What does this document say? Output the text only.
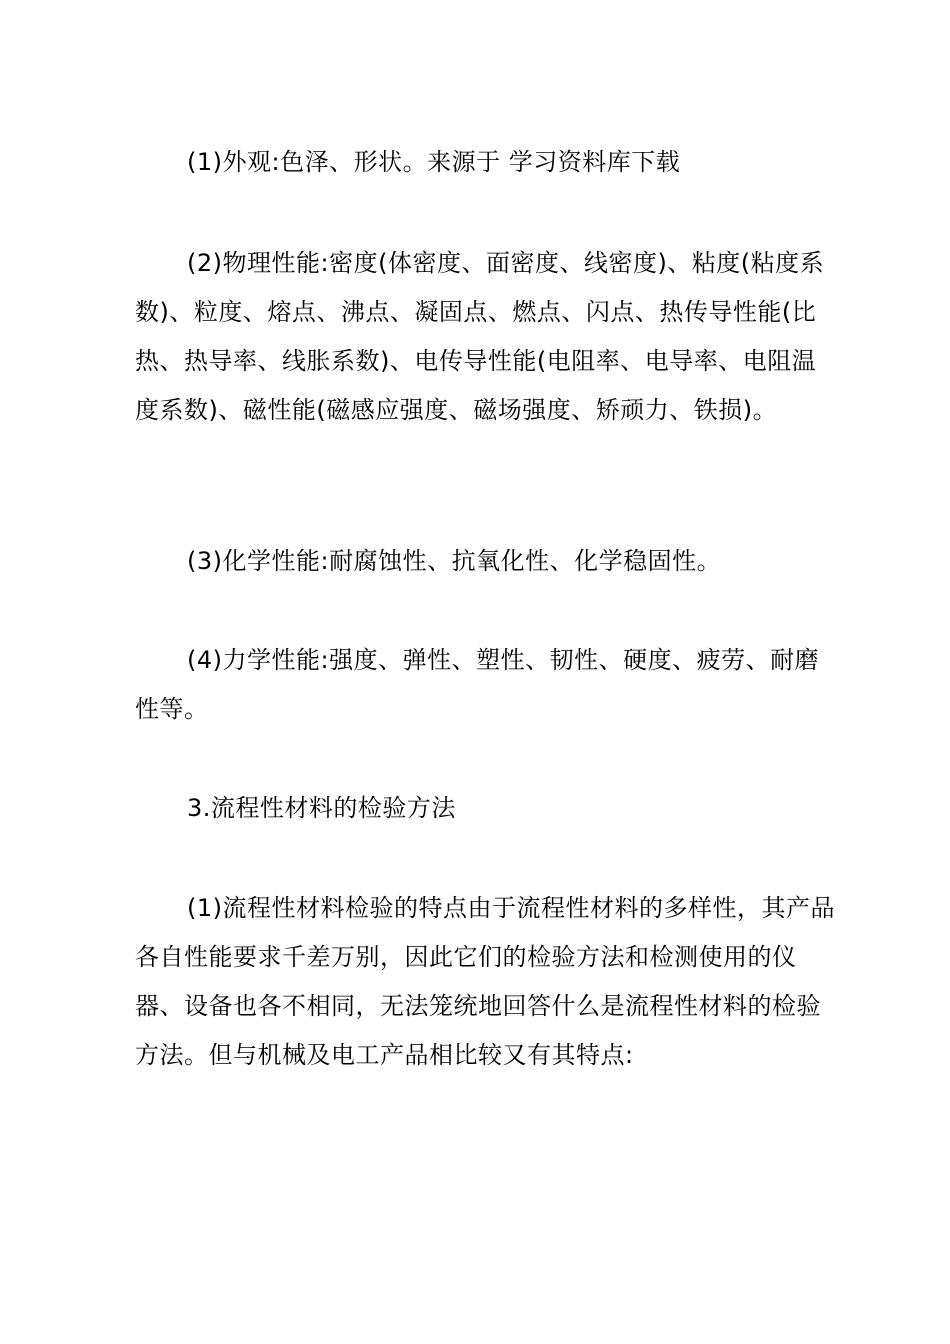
(1)外观:色泽、形状。来源于 学习资料库下载

(2)物理性能:密度(体密度、面密度、线密度)、粘度(粘度系数)、粒度、熔点、沸点、凝固点、燃点、闪点、热传导性能(比热、热导率、线胀系数)、电传导性能(电阻率、电导率、电阻温度系数)、磁性能(磁感应强度、磁场强度、矫顽力、铁损)。

(3)化学性能:耐腐蚀性、抗氧化性、化学稳固性。

(4)力学性能:强度、弹性、塑性、韧性、硬度、疲劳、耐磨性等。

3.流程性材料的检验方法

(1)流程性材料检验的特点由于流程性材料的多样性，其产品各自性能要求千差万别，因此它们的检验方法和检测使用的仪器、设备也各不相同，无法笼统地回答什么是流程性材料的检验方法。但与机械及电工产品相比较又有其特点:
